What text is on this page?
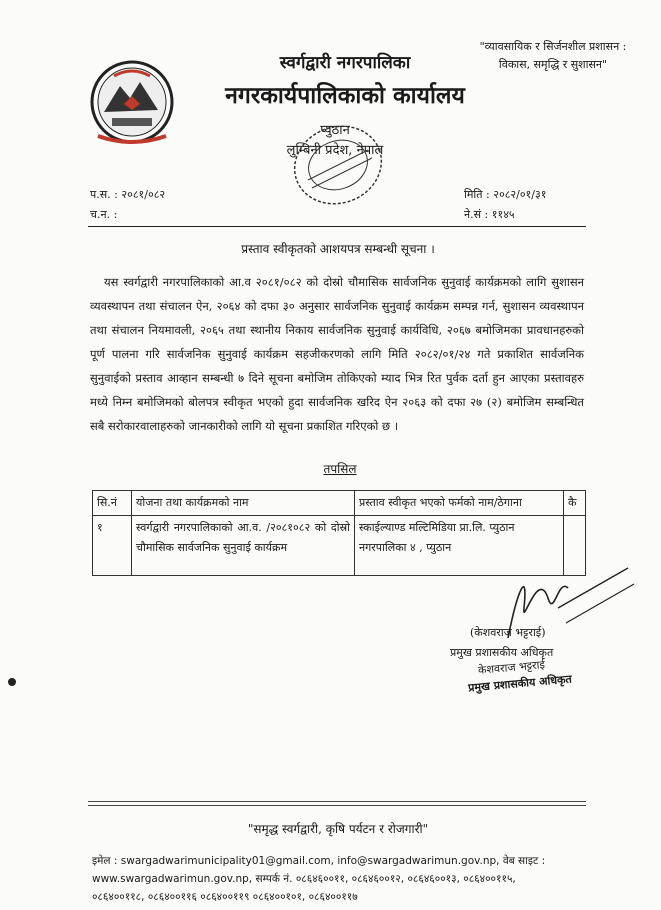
"व्यावसायिक र सिर्जनशील प्रशासन :
विकास, समृद्धि र सुशासन"
स्वर्गद्वारी नगरपालिका
नगरकार्यपालिकाको कार्यालय
प्युठान
लुम्बिनी प्रदेश, नेपाल
प.स. : २०८१/०८२
च.न. :
मिति : २०८२/०१/३१
ने.सं : ११४५
प्रस्ताव स्वीकृतको आशयपत्र सम्बन्धी सूचना ।
यस स्वर्गद्वारी नगरपालिकाको आ.व २०८१/०८२ को दोस्रो चौमासिक सार्वजनिक सुनुवाई कार्यक्रमको लागि सुशासन व्यवस्थापन तथा संचालन ऐन, २०६४ को दफा ३० अनुसार सार्वजनिक सुनुवाई कार्यक्रम सम्पन्न गर्न, सुशासन व्यवस्थापन तथा संचालन नियमावली, २०६५ तथा स्थानीय निकाय सार्वजनिक सुनुवाई कार्यविधि, २०६७ बमोजिमका प्रावधानहरुको पूर्ण पालना गरि सार्वजनिक सुनुवाई कार्यक्रम सहजीकरणको लागि मिति २०८२/०१/२४ गते प्रकाशित सार्वजनिक सुनुवाईको प्रस्ताव आव्हान सम्बन्धी ७ दिने सूचना बमोजिम तोकिएको म्याद भित्र रित पुर्वक दर्ता हुन आएका प्रस्तावहरु मध्ये निम्न बमोजिमको बोलपत्र स्वीकृत भएको हुदा सार्वजनिक खरिद ऐन २०६३ को दफा २७ (२) बमोजिम सम्बन्धित सबै सरोकारवालाहरुको जानकारीको लागि यो सूचना प्रकाशित गरिएको छ ।
तपसिल
सि.नं	योजना तथा कार्यक्रमको नाम	प्रस्ताव स्वीकृत भएको फर्मको नाम/ठेगाना	कै
१	स्वर्गद्वारी नगरपालिकाको आ.व. /२०८१०८२ को दोस्रो चौमासिक सार्वजनिक सुनुवाई कार्यक्रम	स्काईल्याण्ड मल्टिमिडिया प्रा.लि. प्युठान नगरपालिका ४ , प्युठान	
(केशवराज भट्टराई)
प्रमुख प्रशासकीय अधिकृत
केशवराज भट्टराई
प्रमुख प्रशासकीय अधिकृत
"समृद्ध स्वर्गद्वारी, कृषि पर्यटन र रोजगारी"
इमेल : swargadwarimunicipality01@gmail.com, info@swargadwarimun.gov.np, वेब साइट :
www.swargadwarimun.gov.np, सम्पर्क नं. ०८६४६००११, ०८६४६००१२, ०८६४६००१३, ०८६४००११५,
०८६४००११८, ०८६४००११६ ०८६४००११९ ०८६४००१०१, ०८६४००११७
